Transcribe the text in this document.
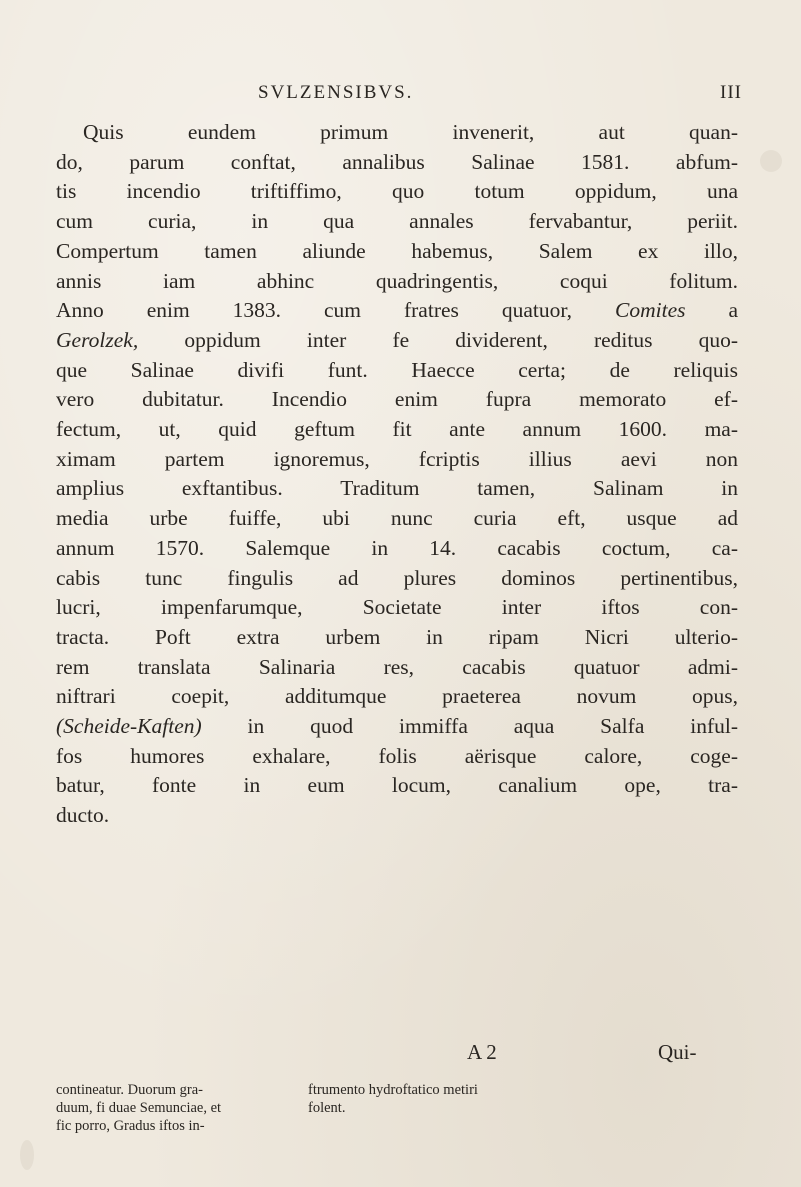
SVLZENSIBVS.	III
Quis eundem primum invenerit, aut quan-
do, parum conftat, annalibus Salinae 1581. abfum-
tis incendio triftiffimo, quo totum oppidum, una
cum curia, in qua annales fervabantur, periit.
Compertum tamen aliunde habemus, Salem ex illo,
annis iam abhinc quadringentis, coqui folitum.
Anno enim 1383. cum fratres quatuor, Comites a
Gerolzek, oppidum inter fe dividerent, reditus quo-
que Salinae divifi funt. Haecce certa; de reliquis
vero dubitatur. Incendio enim fupra memorato ef-
fectum, ut, quid geftum fit ante annum 1600. ma-
ximam partem ignoremus, fcriptis illius aevi non
amplius exftantibus. Traditum tamen, Salinam in
media urbe fuiffe, ubi nunc curia eft, usque ad
annum 1570. Salemque in 14. cacabis coctum, ca-
cabis tunc fingulis ad plures dominos pertinentibus,
lucri, impenfarumque, Societate inter iftos con-
tracta. Poft extra urbem in ripam Nicri ulterio-
rem translata Salinaria res, cacabis quatuor admi-
niftrari coepit, additumque praeterea novum opus,
(Scheide-Kaften) in quod immiffa aqua Salfa inful-
fos humores exhalare, folis aërisque calore, coge-
batur, fonte in eum locum, canalium ope, tra-
ducto.
A 2	Qui-
contineatur. Duorum gra-
duum, fi duae Semunciae, et
fic porro, Gradus iftos in-
ftrumento hydroftatico metiri
folent.
